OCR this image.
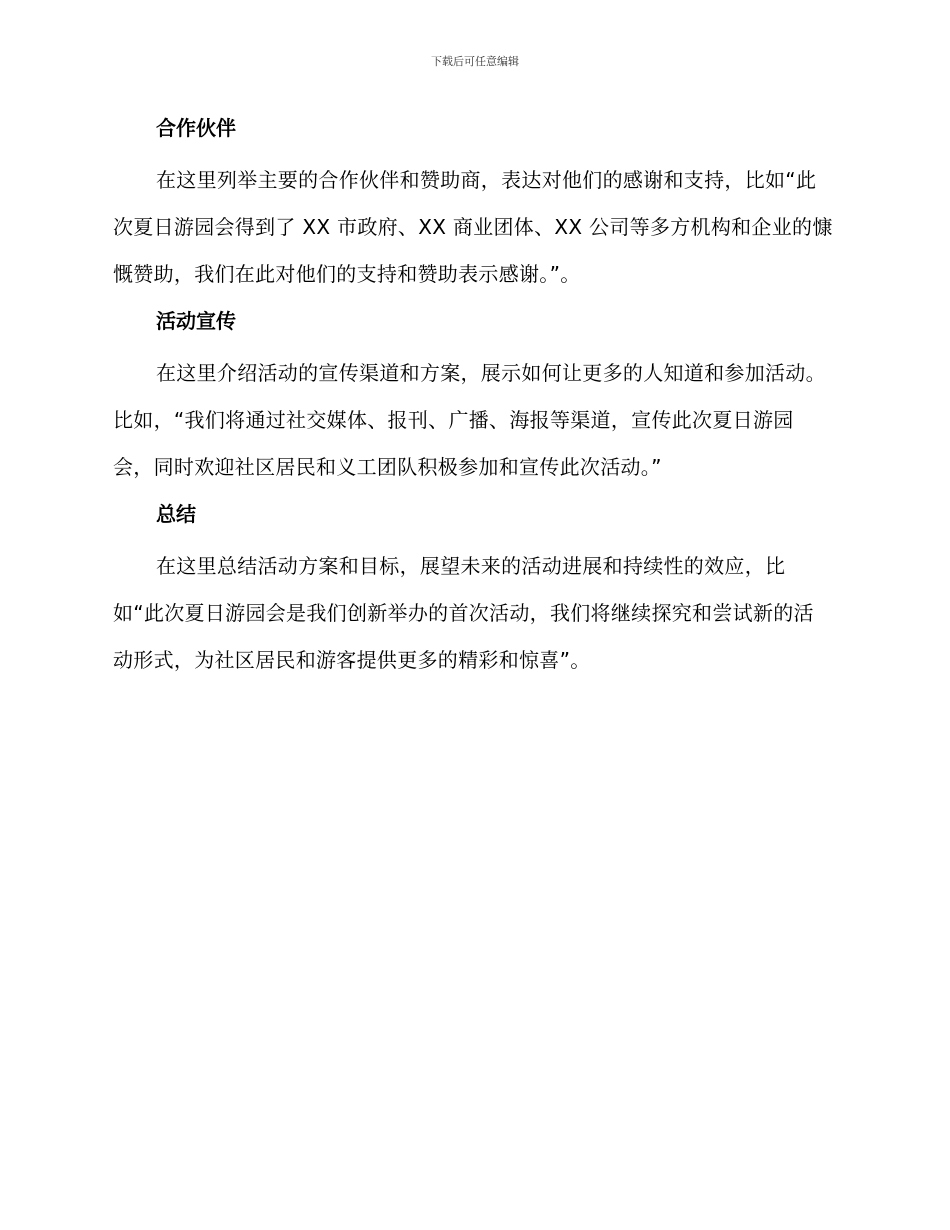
下载后可任意编辑
合作伙伴

在这里列举主要的合作伙伴和赞助商，表达对他们的感谢和支持，比如“此次夏日游园会得到了 XX 市政府、XX 商业团体、XX 公司等多方机构和企业的慷慨赞助，我们在此对他们的支持和赞助表示感谢。”。

活动宣传

在这里介绍活动的宣传渠道和方案，展示如何让更多的人知道和参加活动。比如，“我们将通过社交媒体、报刊、广播、海报等渠道，宣传此次夏日游园会，同时欢迎社区居民和义工团队积极参加和宣传此次活动。”

总结

在这里总结活动方案和目标，展望未来的活动进展和持续性的效应，比如“此次夏日游园会是我们创新举办的首次活动，我们将继续探究和尝试新的活动形式，为社区居民和游客提供更多的精彩和惊喜”。
